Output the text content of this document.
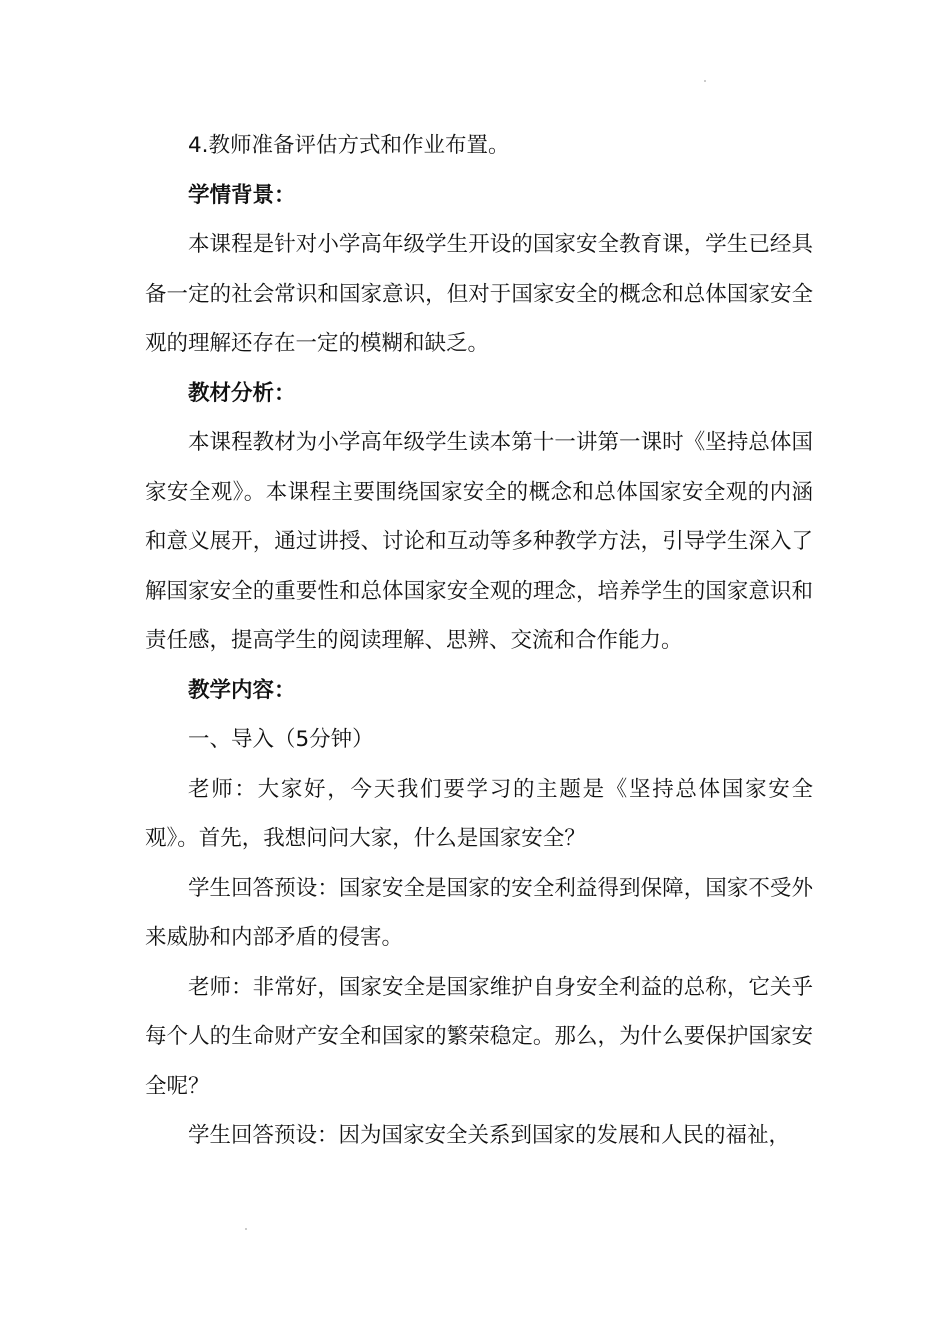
4.教师准备评估方式和作业布置。

学情背景：

本课程是针对小学高年级学生开设的国家安全教育课，学生已经具备一定的社会常识和国家意识，但对于国家安全的概念和总体国家安全观的理解还存在一定的模糊和缺乏。

教材分析：

本课程教材为小学高年级学生读本第十一讲第一课时《坚持总体国家安全观》。本课程主要围绕国家安全的概念和总体国家安全观的内涵和意义展开，通过讲授、讨论和互动等多种教学方法，引导学生深入了解国家安全的重要性和总体国家安全观的理念，培养学生的国家意识和责任感，提高学生的阅读理解、思辨、交流和合作能力。

教学内容：

一、导入（5分钟）

老师：大家好，今天我们要学习的主题是《坚持总体国家安全观》。首先，我想问问大家，什么是国家安全？

学生回答预设：国家安全是国家的安全利益得到保障，国家不受外来威胁和内部矛盾的侵害。

老师：非常好，国家安全是国家维护自身安全利益的总称，它关乎每个人的生命财产安全和国家的繁荣稳定。那么，为什么要保护国家安全呢？

学生回答预设：因为国家安全关系到国家的发展和人民的福祉，
